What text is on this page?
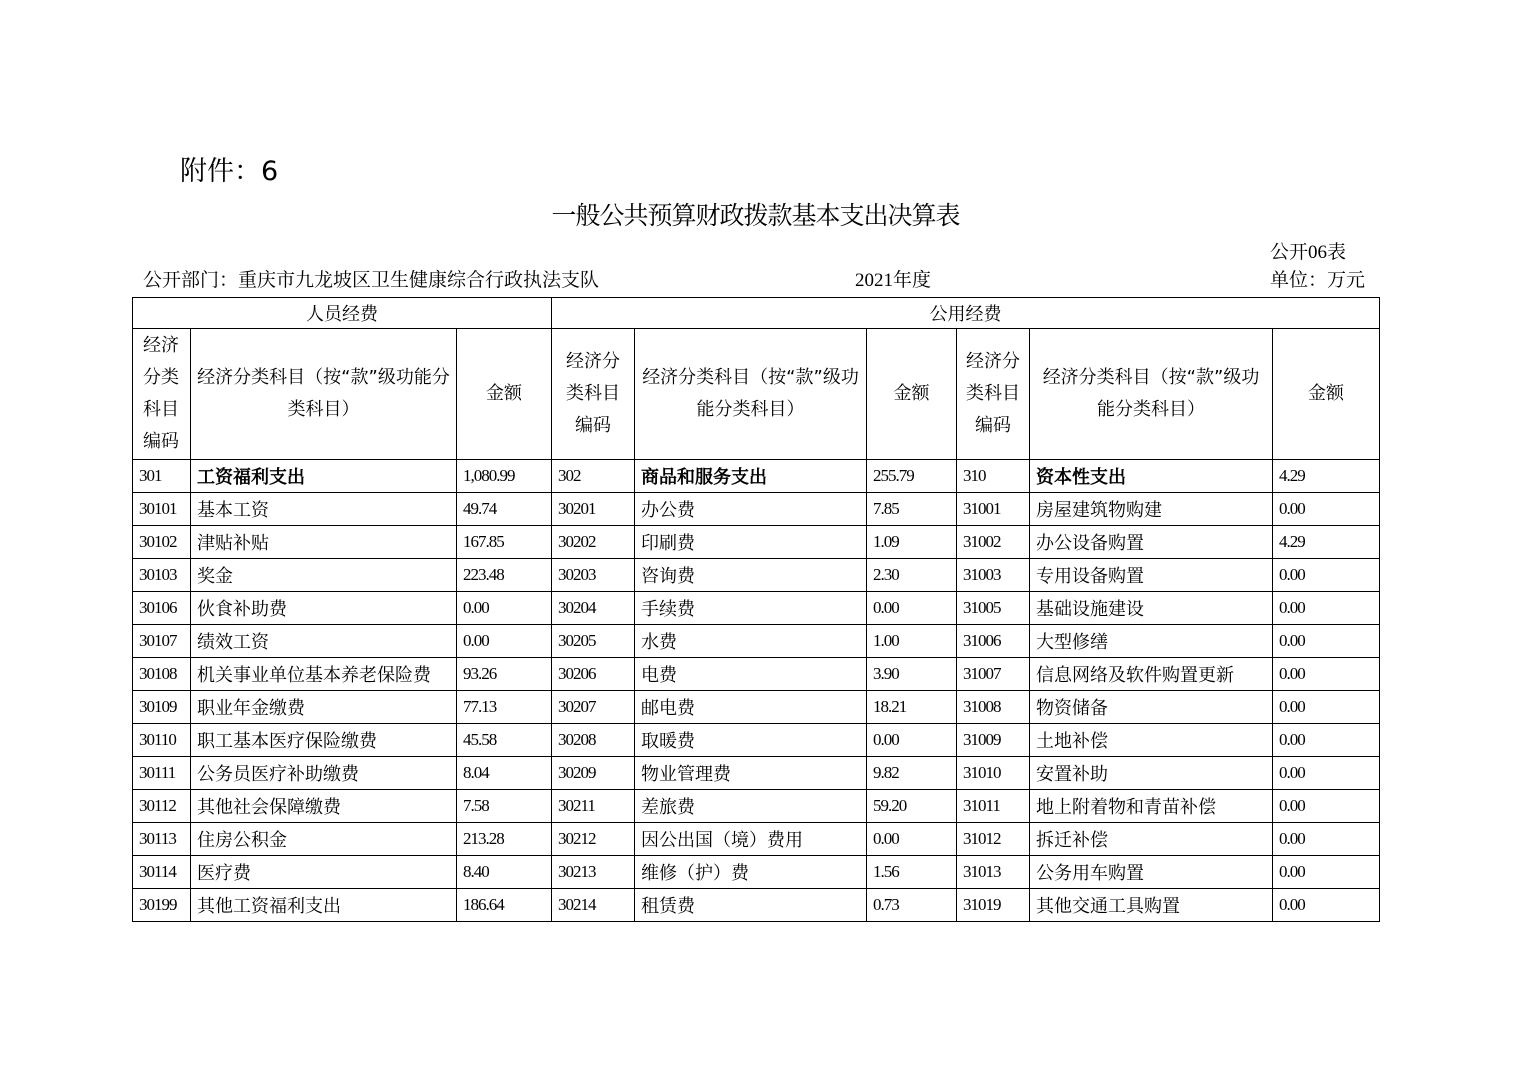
附件：6
一般公共预算财政拨款基本支出决算表
公开06表
公开部门：重庆市九龙坡区卫生健康综合行政执法支队	2021年度	单位：万元
人员经费			公用经费					
经济分类科目编码	经济分类科目（按“款”级功能分类科目）	金额	经济分类科目编码	经济分类科目（按“款”级功能分类科目）	金额	经济分类科目编码	经济分类科目（按“款”级功能分类科目）	金额
301	工资福利支出	1,080.99	302	商品和服务支出	255.79	310	资本性支出	4.29
30101	基本工资	49.74	30201	办公费	7.85	31001	房屋建筑物购建	0.00
30102	津贴补贴	167.85	30202	印刷费	1.09	31002	办公设备购置	4.29
30103	奖金	223.48	30203	咨询费	2.30	31003	专用设备购置	0.00
30106	伙食补助费	0.00	30204	手续费	0.00	31005	基础设施建设	0.00
30107	绩效工资	0.00	30205	水费	1.00	31006	大型修缮	0.00
30108	机关事业单位基本养老保险费	93.26	30206	电费	3.90	31007	信息网络及软件购置更新	0.00
30109	职业年金缴费	77.13	30207	邮电费	18.21	31008	物资储备	0.00
30110	职工基本医疗保险缴费	45.58	30208	取暖费	0.00	31009	土地补偿	0.00
30111	公务员医疗补助缴费	8.04	30209	物业管理费	9.82	31010	安置补助	0.00
30112	其他社会保障缴费	7.58	30211	差旅费	59.20	31011	地上附着物和青苗补偿	0.00
30113	住房公积金	213.28	30212	因公出国（境）费用	0.00	31012	拆迁补偿	0.00
30114	医疗费	8.40	30213	维修（护）费	1.56	31013	公务用车购置	0.00
30199	其他工资福利支出	186.64	30214	租赁费	0.73	31019	其他交通工具购置	0.00
